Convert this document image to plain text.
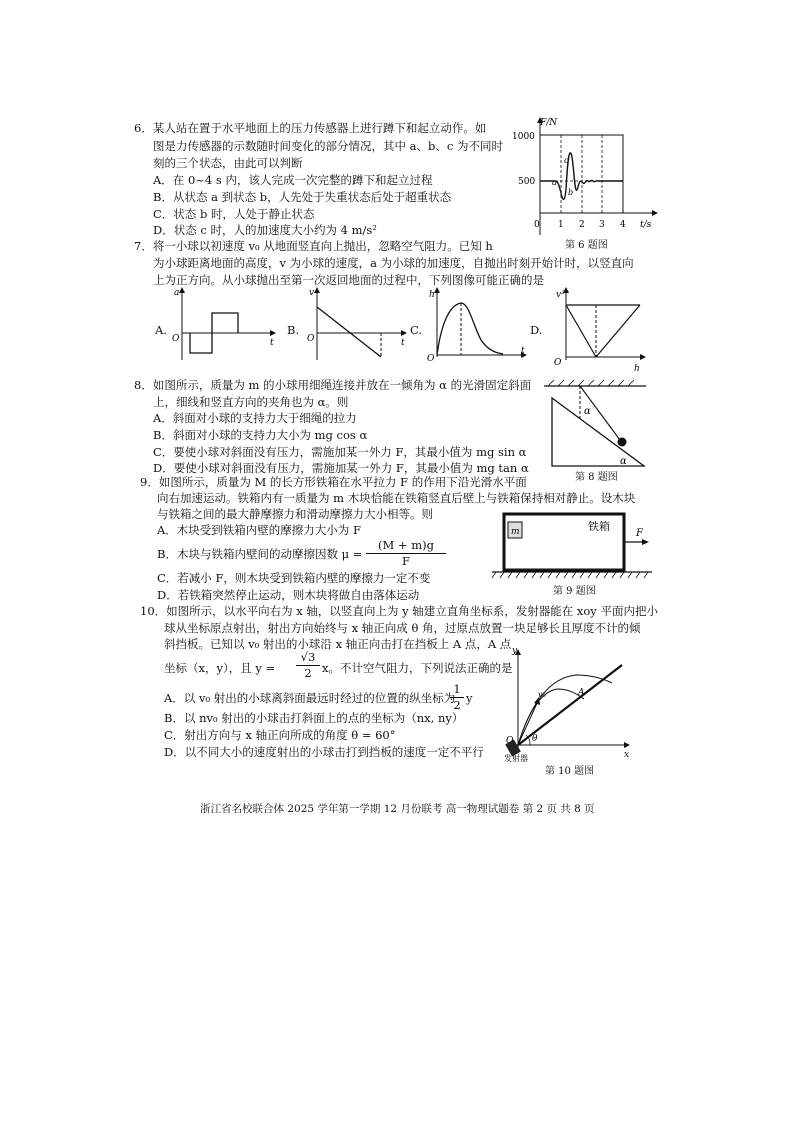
6．某人站在置于水平地面上的压力传感器上进行蹲下和起立动作。如
图是力传感器的示数随时间变化的部分情况，其中 a、b、c 为不同时
刻的三个状态，由此可以判断
A．在 0~4 s 内，该人完成一次完整的蹲下和起立过程
B．从状态 a 到状态 b，人先处于失重状态后处于超重状态
C．状态 b 时，人处于静止状态
D．状态 c 时，人的加速度大小约为 4 m/s²
1000
500
F/N
t/s
0 1 2 3 4
a
b
c
第 6 题图
7．将一小球以初速度 v₀ 从地面竖直向上抛出，忽略空气阻力。已知 h
为小球距离地面的高度，v 为小球的速度，a 为小球的加速度，自抛出时刻开始计时，以竖直向
上为正方向。从小球抛出至第一次返回地面的过程中，下列图像可能正确的是
A.
a
t
O
B.
v
t
O
C.
h
t
O
D.
v²
h
O
8．如图所示，质量为 m 的小球用细绳连接并放在一倾角为 α 的光滑固定斜面
上，细线和竖直方向的夹角也为 α。则
A．斜面对小球的支持力大于细绳的拉力
B．斜面对小球的支持力大小为 mg cos α
C．要使小球对斜面没有压力，需施加某一外力 F，其最小值为 mg sin α
D．要使小球对斜面没有压力，需施加某一外力 F，其最小值为 mg tan α
α
α
第 8 题图
9．如图所示，质量为 M 的长方形铁箱在水平拉力 F 的作用下沿光滑水平面
向右加速运动。铁箱内有一质量为 m 木块恰能在铁箱竖直后壁上与铁箱保持相对静止。设木块
与铁箱之间的最大静摩擦力和滑动摩擦力大小相等。则
A．木块受到铁箱内壁的摩擦力大小为 F
B．木块与铁箱内壁间的动摩擦因数 μ =
(M + m)g
F
C．若减小 F，则木块受到铁箱内壁的摩擦力一定不变
D．若铁箱突然停止运动，则木块将做自由落体运动
m	铁箱
F
第 9 题图
10．如图所示，以水平向右为 x 轴，以竖直向上为 y 轴建立直角坐标系，发射器能在 xoy 平面内把小
球从坐标原点射出，射出方向始终与 x 轴正向成 θ 角，过原点放置一块足够长且厚度不计的倾
斜挡板。已知以 v₀ 射出的小球沿 x 轴正向击打在挡板上 A 点，A 点
坐标（x，y），且 y =
√3
2 x。不计空气阻力，下列说法正确的是
A．以 v₀ 射出的小球离斜面最远时经过的位置的纵坐标为
1
2 y
B．以 nv₀ 射出的小球击打斜面上的点的坐标为（nx, ny）
C．射出方向与 x 轴正向所成的角度 θ = 60°
D．以不同大小的速度射出的小球击打到挡板的速度一定不平行
y
x
O
A
v₀
θ
发射器
第 10 题图
浙江省名校联合体 2025 学年第一学期 12 月份联考 高一物理试题卷 第 2 页 共 8 页
